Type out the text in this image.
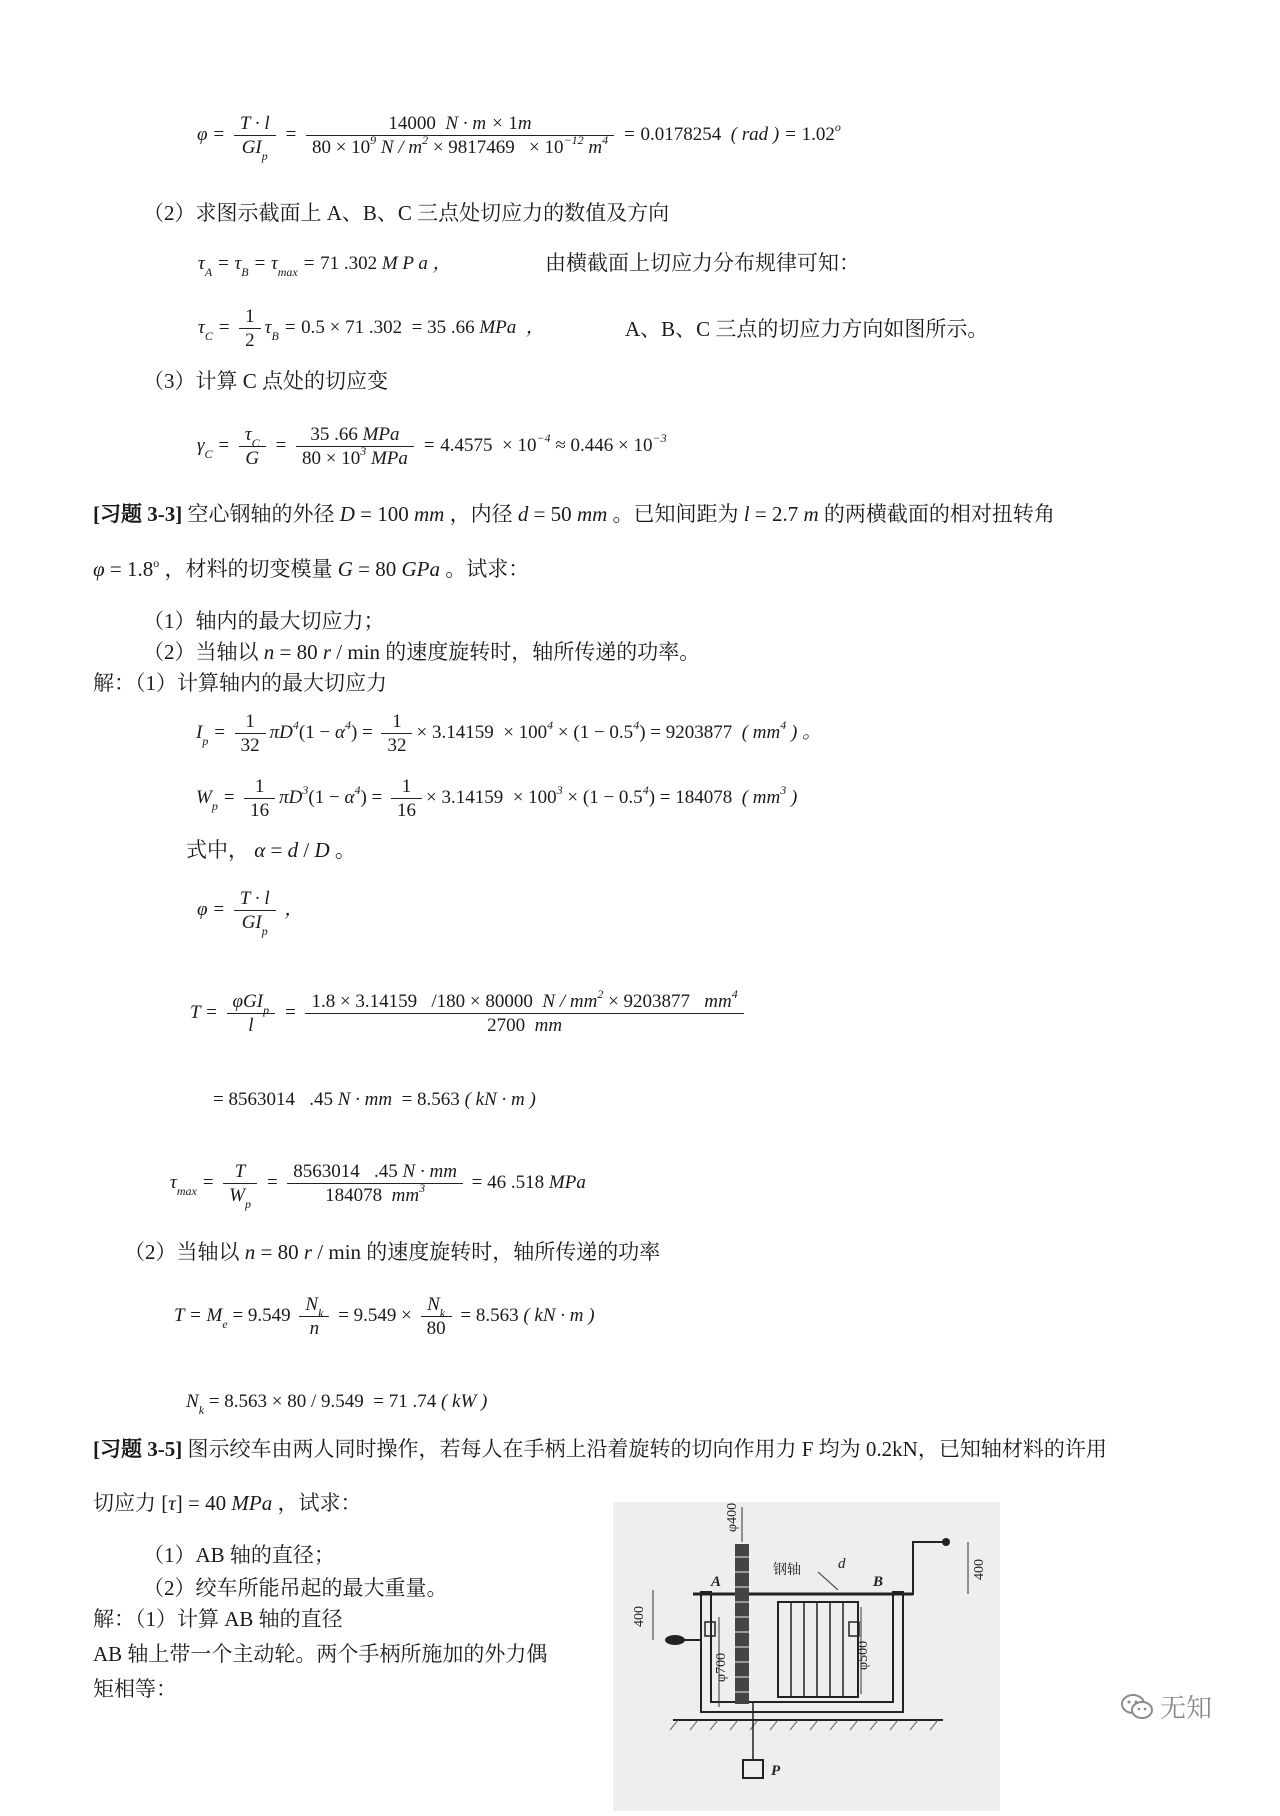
$\varphi = \frac{T \cdot l}{GI_p} = \frac{14000 N \cdot m \times 1m}{80 \times 10^9 N / m^2 \times 9817469 \times 10^{-12} m^4} = 0.0178254$  ( rad ) = $1.02^o$
（2）求图示截面上 A、B、C 三点处切应力的数值及方向
$\tau_A = \tau_B = \tau_{max} = 71$ .302 M P a ，	由横截面上切应力分布规律可知：
$\tau_C = \frac{1}{2} \tau_B = 0.5 \times 71$ .302  = 35 .66 MPa  ，	A、B、C 三点的切应力方向如图所示。
（3）计算 C 点处的切应变
$\gamma_C = \frac{\tau_C}{G} = \frac{\text{35 .66 MPa}}{80 \times 10^3 MPa} = 4.4575 \times 10^{-4} \approx 0.446 \times 10^{-3}$
[习题 3-3] 空心钢轴的外径 D = 100 mm ，内径 d = 50 mm 。已知间距为 l = 2.7 m 的两横截面的相对扭转角
$\varphi = 1.8^o$ ，材料的切变模量 G = 80 GPa 。试求：
（1）轴内的最大切应力；
（2）当轴以 n = 80 r / min 的速度旋转时，轴所传递的功率。
解：（1）计算轴内的最大切应力
$I_p = \frac{1}{32} \pi D^4(1 - \alpha^4) = \frac{1}{32} \times 3.14159 \times 100^4 \times (1 - 0.5^4) = 9203877$  ( $mm^4$ ) 。
$W_p = \frac{1}{16} \pi D^3(1 - \alpha^4) = \frac{1}{16} \times 3.14159 \times 100^3 \times (1 - 0.5^4) = 184078$  ( $mm^3$ )
式中， α = d / D 。
$\varphi = \frac{T \cdot l}{GI_p}$ ，
$T = \frac{\varphi GI_p}{l} = \frac{1.8 \times 3.14159 /180 \times 80000 N / mm^2 \times 9203877 mm^4}{2700 mm}$
= 8563014   .45 N · mm  = 8.563 ( kN · m )
$\tau_{max} = \frac{T}{W_p} = \frac{8563014 .45 N \cdot mm}{184078 mm^3} = 46$ .518 MPa
（2）当轴以 n = 80 r / min 的速度旋转时，轴所传递的功率
$T = M_e = 9.549 \frac{N_k}{n} = 9.549 \times \frac{N_k}{80} = 8.563$ ( kN · m )
$N_k = 8.563 \times 80 / 9.549 = 71$ .74 ( kW )
[习题 3-5] 图示绞车由两人同时操作，若每人在手柄上沿着旋转的切向作用力 F 均为 0.2kN，已知轴材料的许用
切应力 [τ] = 40 MPa ，试求：
（1）AB 轴的直径；
（2）绞车所能吊起的最大重量。
解：（1）计算 AB 轴的直径
AB 轴上带一个主动轮。两个手柄所施加的外力偶
矩相等：
φ400
A	B
钢轴 d	400
400
φ700	φ500
P
无知
